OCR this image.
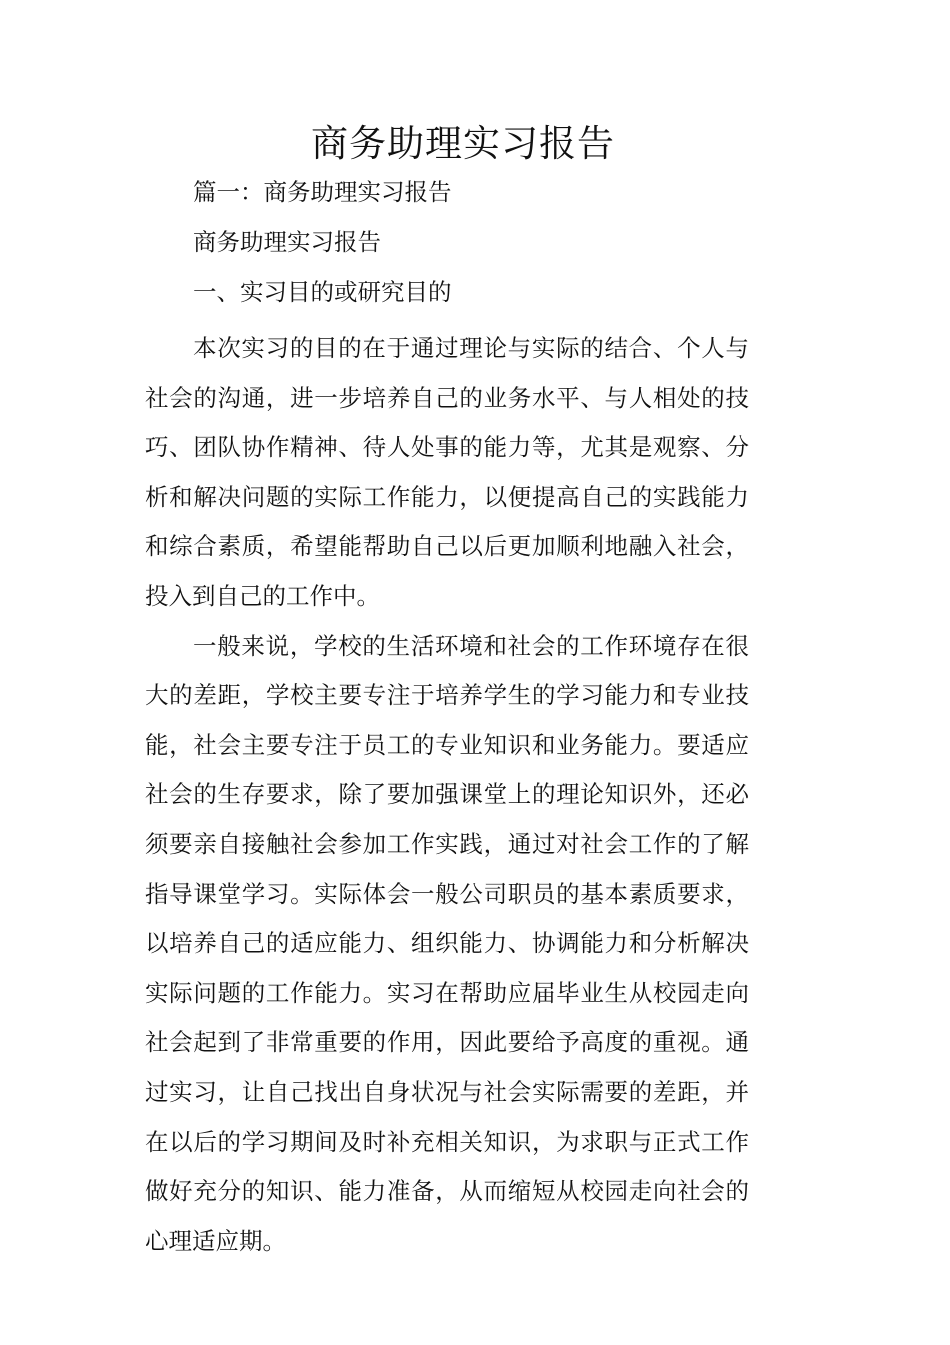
商务助理实习报告

篇一：商务助理实习报告

商务助理实习报告

一、实习目的或研究目的

本次实习的目的在于通过理论与实际的结合、个人与社会的沟通，进一步培养自己的业务水平、与人相处的技巧、团队协作精神、待人处事的能力等，尤其是观察、分析和解决问题的实际工作能力，以便提高自己的实践能力和综合素质，希望能帮助自己以后更加顺利地融入社会，投入到自己的工作中。

一般来说，学校的生活环境和社会的工作环境存在很大的差距，学校主要专注于培养学生的学习能力和专业技能，社会主要专注于员工的专业知识和业务能力。要适应社会的生存要求，除了要加强课堂上的理论知识外，还必须要亲自接触社会参加工作实践，通过对社会工作的了解指导课堂学习。实际体会一般公司职员的基本素质要求，以培养自己的适应能力、组织能力、协调能力和分析解决实际问题的工作能力。实习在帮助应届毕业生从校园走向社会起到了非常重要的作用，因此要给予高度的重视。通过实习，让自己找出自身状况与社会实际需要的差距，并在以后的学习期间及时补充相关知识，为求职与正式工作做好充分的知识、能力准备，从而缩短从校园走向社会的心理适应期。
